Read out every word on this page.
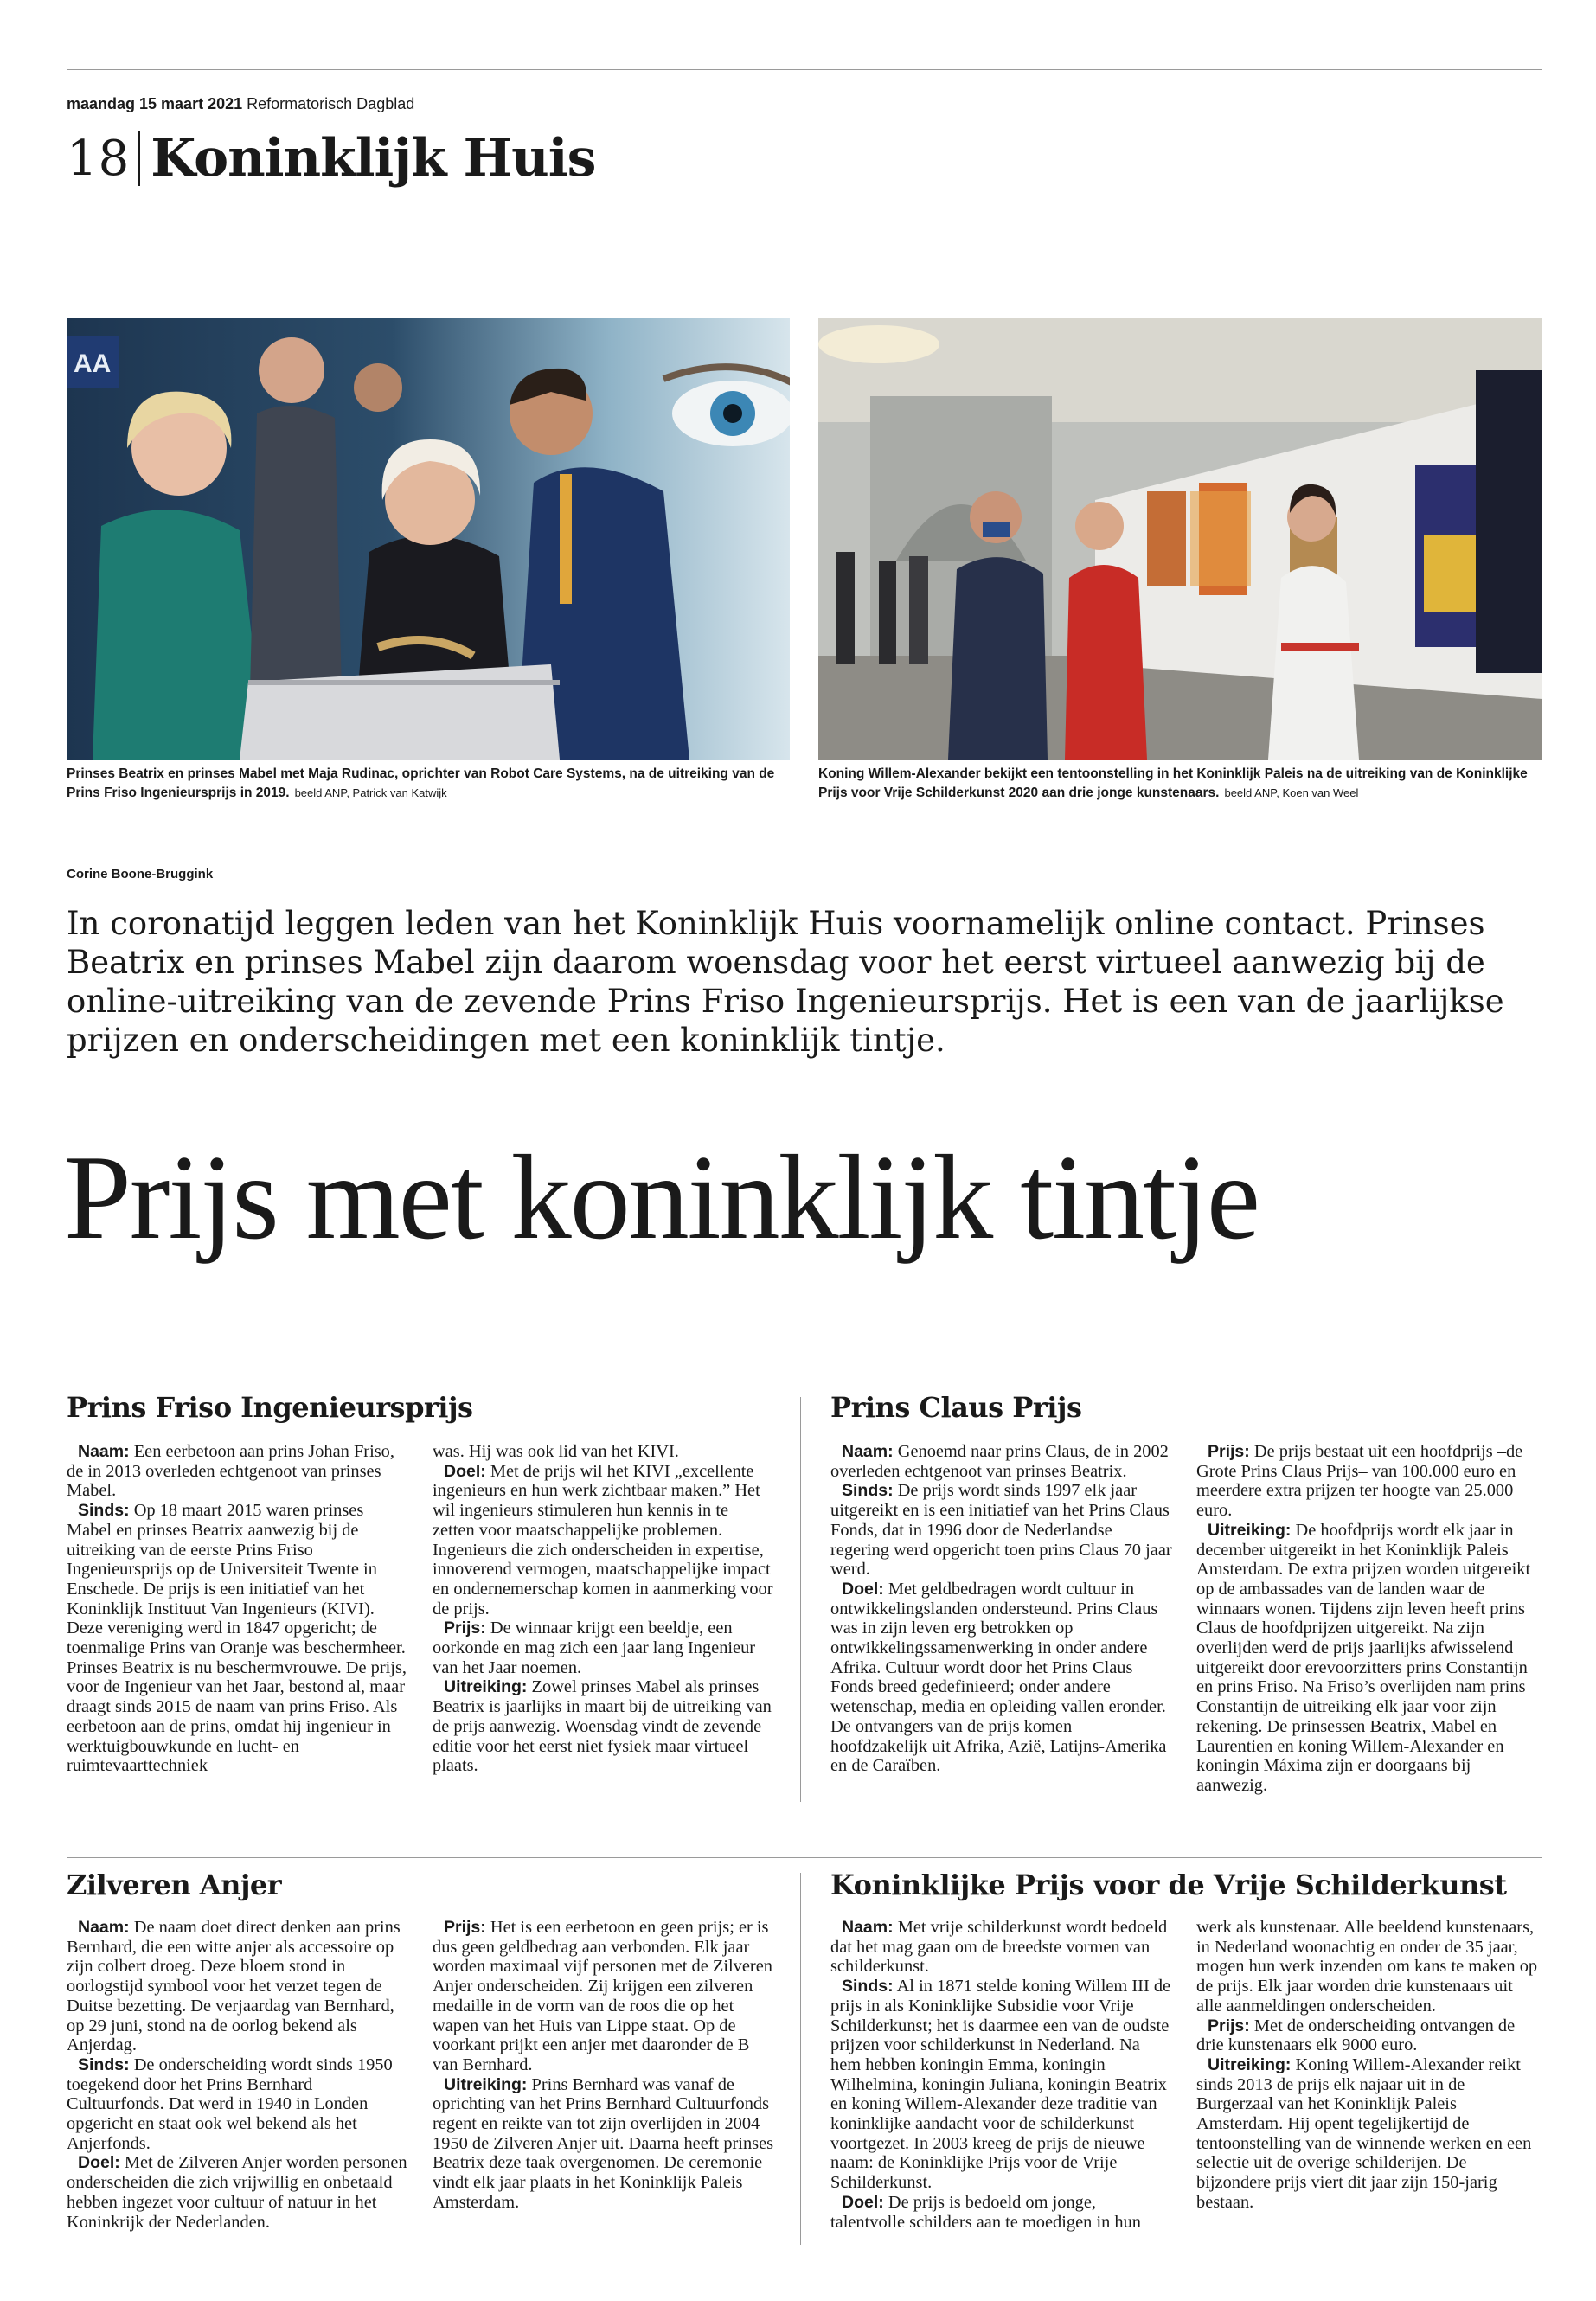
maandag 15 maart 2021 Reformatorisch Dagblad
18 Koninklijk Huis
AA
Prinses Beatrix en prinses Mabel met Maja Rudinac, oprichter van Robot Care Systems, na de uitreiking van de Prins Friso Ingenieursprijs in 2019. beeld ANP, Patrick van Katwijk
Koning Willem-Alexander bekijkt een tentoonstelling in het Koninklijk Paleis na de uitreiking van de Koninklijke Prijs voor Vrije Schilderkunst 2020 aan drie jonge kunstenaars. beeld ANP, Koen van Weel
Corine Boone-Bruggink
In coronatijd leggen leden van het Koninklijk Huis voornamelijk online contact. Prinses Beatrix en prinses Mabel zijn daarom woensdag voor het eerst virtueel aanwezig bij de online-uitreiking van de zevende Prins Friso Ingenieursprijs. Het is een van de jaarlijkse prijzen en onderscheidingen met een koninklijk tintje.
Prijs met koninklijk tintje
Prins Friso Ingenieursprijs

Naam: Een eerbetoon aan prins Johan Friso, de in 2013 overleden echtgenoot van prinses Mabel.

Sinds: Op 18 maart 2015 waren prinses Mabel en prinses Beatrix aanwezig bij de uitreiking van de eerste Prins Friso Ingenieursprijs op de Universiteit Twente in Enschede. De prijs is een initiatief van het Koninklijk Instituut Van Ingenieurs (KIVI). Deze vereniging werd in 1847 opgericht; de toenmalige Prins van Oranje was beschermheer. Prinses Beatrix is nu beschermvrouwe. De prijs, voor de Ingenieur van het Jaar, bestond al, maar draagt sinds 2015 de naam van prins Friso. Als eerbetoon aan de prins, omdat hij ingenieur in werktuigbouwkunde en lucht- en ruimtevaarttechniek

was. Hij was ook lid van het KIVI.

Doel: Met de prijs wil het KIVI „excellente ingenieurs en hun werk zichtbaar maken.” Het wil ingenieurs stimuleren hun kennis in te zetten voor maatschappelijke problemen. Ingenieurs die zich onderscheiden in expertise, innoverend vermogen, maatschappelijke impact en ondernemerschap komen in aanmerking voor de prijs.

Prijs: De winnaar krijgt een beeldje, een oorkonde en mag zich een jaar lang Ingenieur van het Jaar noemen.

Uitreiking: Zowel prinses Mabel als prinses Beatrix is jaarlijks in maart bij de uitreiking van de prijs aanwezig. Woensdag vindt de zevende editie voor het eerst niet fysiek maar virtueel plaats.

Prins Claus Prijs

Naam: Genoemd naar prins Claus, de in 2002 overleden echtgenoot van prinses Beatrix.

Sinds: De prijs wordt sinds 1997 elk jaar uitgereikt en is een initiatief van het Prins Claus Fonds, dat in 1996 door de Nederlandse regering werd opgericht toen prins Claus 70 jaar werd.

Doel: Met geldbedragen wordt cultuur in ontwikkelingslanden ondersteund. Prins Claus was in zijn leven erg betrokken op ontwikkelingssamenwerking in onder andere Afrika. Cultuur wordt door het Prins Claus Fonds breed gedefinieerd; onder andere wetenschap, media en opleiding vallen eronder. De ontvangers van de prijs komen hoofdzakelijk uit Afrika, Azië, Latijns-Amerika en de Caraïben.

Prijs: De prijs bestaat uit een hoofdprijs –de Grote Prins Claus Prijs– van 100.000 euro en meerdere extra prijzen ter hoogte van 25.000 euro.

Uitreiking: De hoofdprijs wordt elk jaar in december uitgereikt in het Koninklijk Paleis Amsterdam. De extra prijzen worden uitgereikt op de ambassades van de landen waar de winnaars wonen. Tijdens zijn leven heeft prins Claus de hoofdprijzen uitgereikt. Na zijn overlijden werd de prijs jaarlijks afwisselend uitgereikt door erevoorzitters prins Constantijn en prins Friso. Na Friso’s overlijden nam prins Constantijn de uitreiking elk jaar voor zijn rekening. De prinsessen Beatrix, Mabel en Laurentien en koning Willem-Alexander en koningin Máxima zijn er doorgaans bij aanwezig.

Zilveren Anjer

Naam: De naam doet direct denken aan prins Bernhard, die een witte anjer als accessoire op zijn colbert droeg. Deze bloem stond in oorlogstijd symbool voor het verzet tegen de Duitse bezetting. De verjaardag van Bernhard, op 29 juni, stond na de oorlog bekend als Anjerdag.

Sinds: De onderscheiding wordt sinds 1950 toegekend door het Prins Bernhard Cultuurfonds. Dat werd in 1940 in Londen opgericht en staat ook wel bekend als het Anjerfonds.

Doel: Met de Zilveren Anjer worden personen onderscheiden die zich vrijwillig en onbetaald hebben ingezet voor cultuur of natuur in het Koninkrijk der Nederlanden.

Prijs: Het is een eerbetoon en geen prijs; er is dus geen geldbedrag aan verbonden. Elk jaar worden maximaal vijf personen met de Zilveren Anjer onderscheiden. Zij krijgen een zilveren medaille in de vorm van de roos die op het wapen van het Huis van Lippe staat. Op de voorkant prijkt een anjer met daaronder de B van Bernhard.

Uitreiking: Prins Bernhard was vanaf de oprichting van het Prins Bernhard Cultuurfonds regent en reikte van tot zijn overlijden in 2004 1950 de Zilveren Anjer uit. Daarna heeft prinses Beatrix deze taak overgenomen. De ceremonie vindt elk jaar plaats in het Koninklijk Paleis Amsterdam.

Koninklijke Prijs voor de Vrije Schilderkunst

Naam: Met vrije schilderkunst wordt bedoeld dat het mag gaan om de breedste vormen van schilderkunst.

Sinds: Al in 1871 stelde koning Willem III de prijs in als Koninklijke Subsidie voor Vrije Schilderkunst; het is daarmee een van de oudste prijzen voor schilderkunst in Nederland. Na hem hebben koningin Emma, koningin Wilhelmina, koningin Juliana, koningin Beatrix en koning Willem-Alexander deze traditie van koninklijke aandacht voor de schilderkunst voortgezet. In 2003 kreeg de prijs de nieuwe naam: de Koninklijke Prijs voor de Vrije Schilderkunst.

Doel: De prijs is bedoeld om jonge, talentvolle schilders aan te moedigen in hun

werk als kunstenaar. Alle beeldend kunstenaars, in Nederland woonachtig en onder de 35 jaar, mogen hun werk inzenden om kans te maken op de prijs. Elk jaar worden drie kunstenaars uit alle aanmeldingen onderscheiden.

Prijs: Met de onderscheiding ontvangen de drie kunstenaars elk 9000 euro.

Uitreiking: Koning Willem-Alexander reikt sinds 2013 de prijs elk najaar uit in de Burgerzaal van het Koninklijk Paleis Amsterdam. Hij opent tegelijkertijd de tentoonstelling van de winnende werken en een selectie uit de overige schilderijen. De bijzondere prijs viert dit jaar zijn 150-jarig bestaan.
